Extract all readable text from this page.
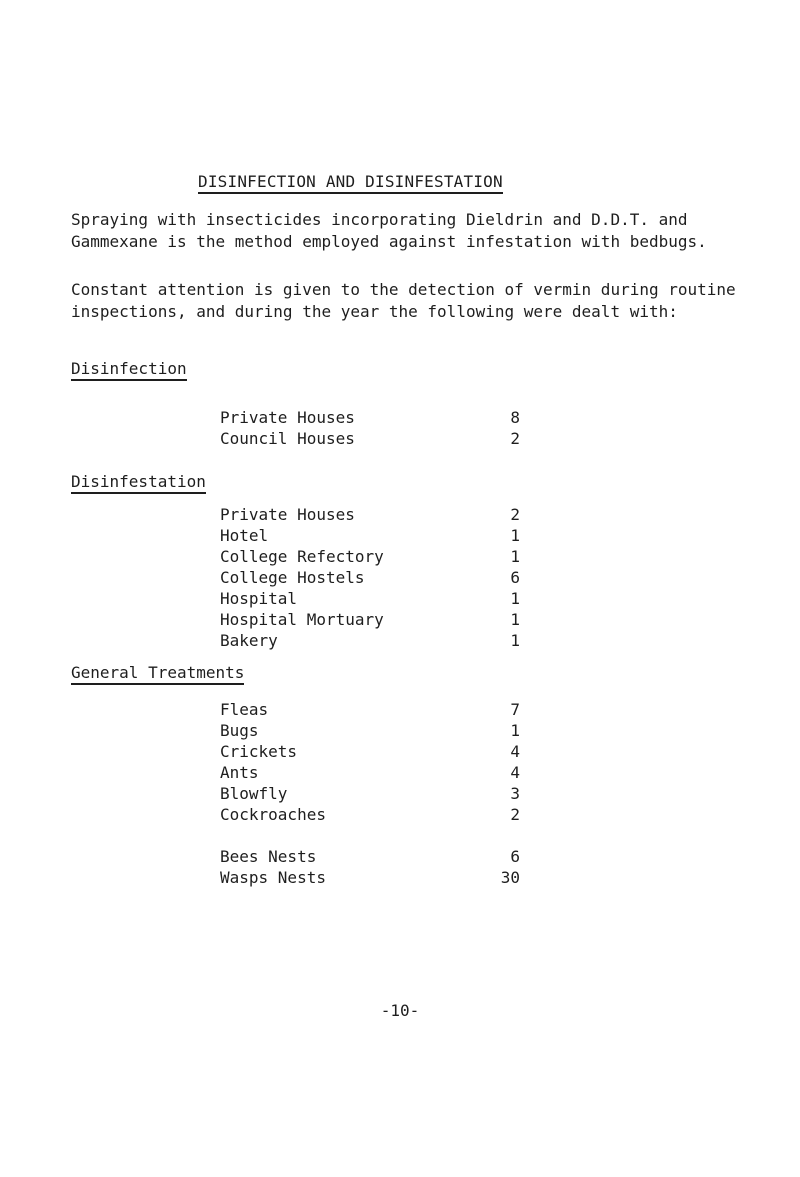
DISINFECTION AND DISINFESTATION

Spraying with insecticides incorporating Dieldrin and D.D.T. and Gammexane is the method employed against infestation with bedbugs.

Constant attention is given to the detection of vermin during routine inspections, and during the year the following were dealt with:

Disinfection
Private Houses	8
Council Houses	2
Disinfestation
Private Houses	2
Hotel	1
College Refectory	1
College Hostels	6
Hospital	1
Hospital Mortuary	1
Bakery	1
General Treatments
Fleas	7
Bugs	1
Crickets	4
Ants	4
Blowfly	3
Cockroaches	2
Bees Nests	6
Wasps Nests	30
-10-
